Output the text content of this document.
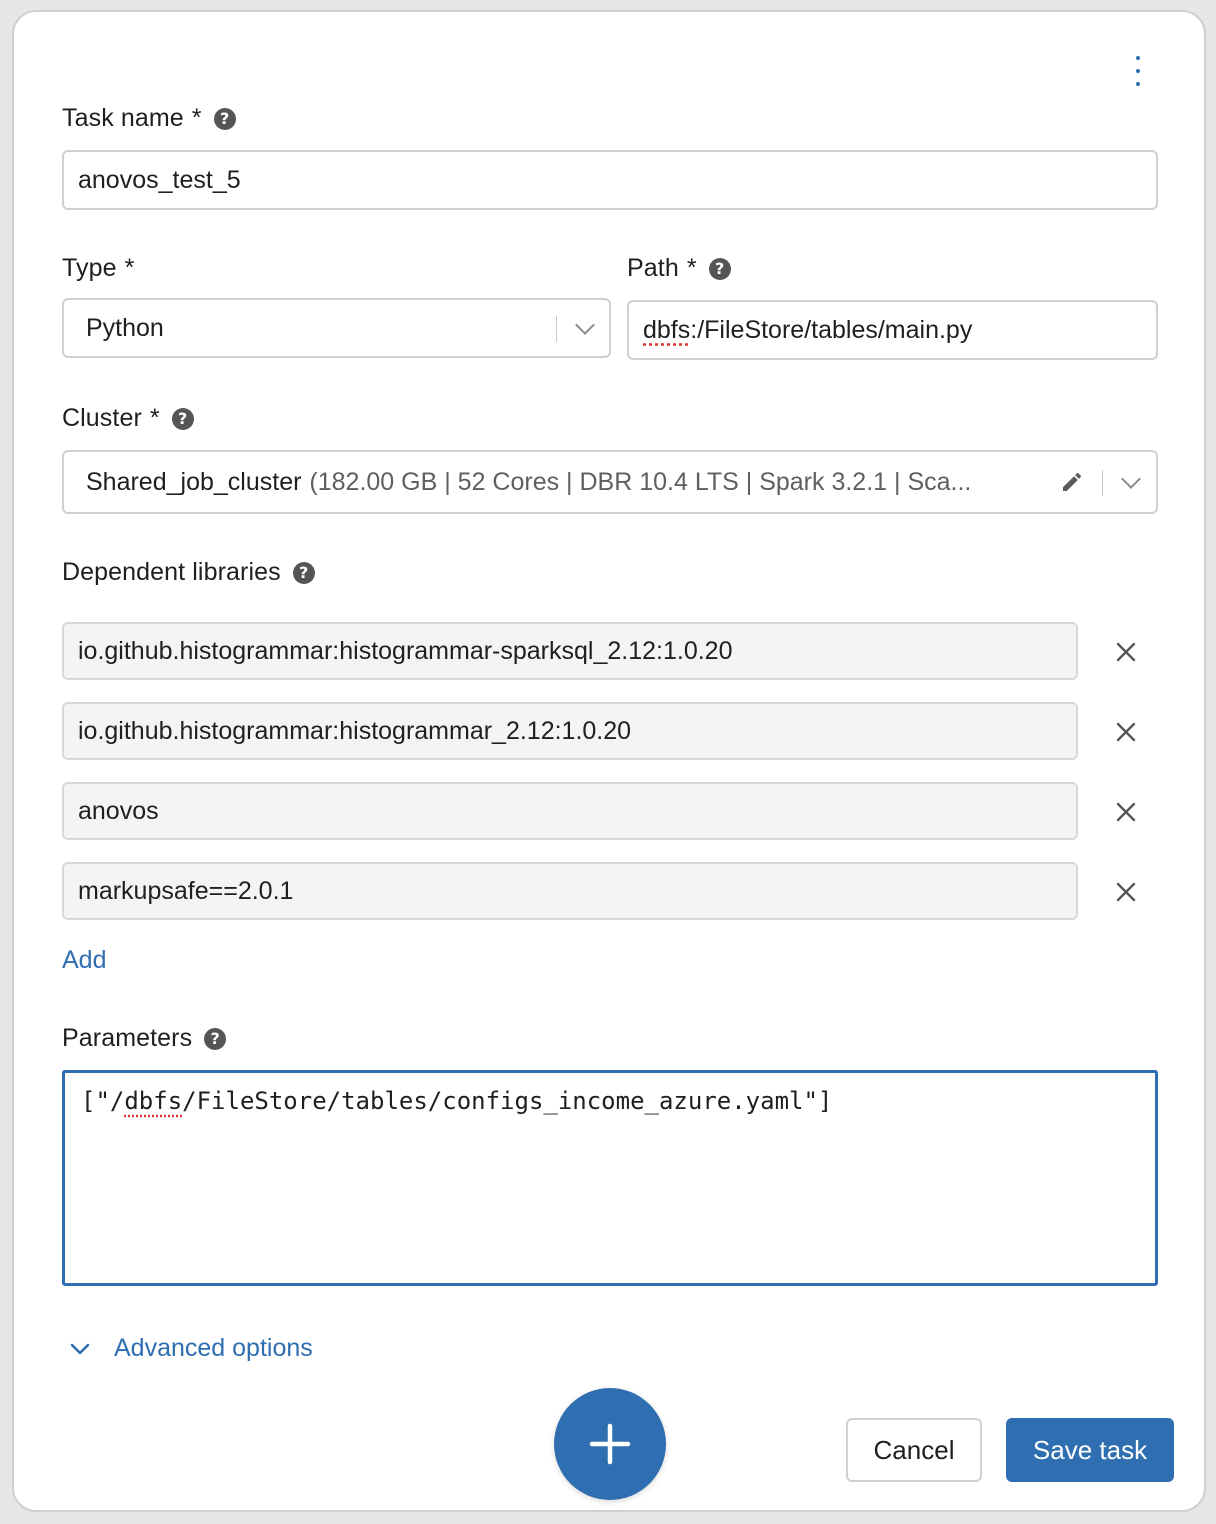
Task name *	?
anovos_test_5
Type *
Python
Path *	?
dbfs :/FileStore/tables/main.py
Cluster *	?
Shared_job_cluster (182.00 GB | 52 Cores | DBR 10.4 LTS | Spark 3.2.1 | Sca...
Dependent libraries	?
io.github.histogrammar:histogrammar-sparksql_2.12:1.0.20
io.github.histogrammar:histogrammar_2.12:1.0.20
anovos
markupsafe==2.0.1
Add
Parameters	?
["/dbfs/FileStore/tables/configs_income_azure.yaml"]
Advanced options
Cancel	Save task
